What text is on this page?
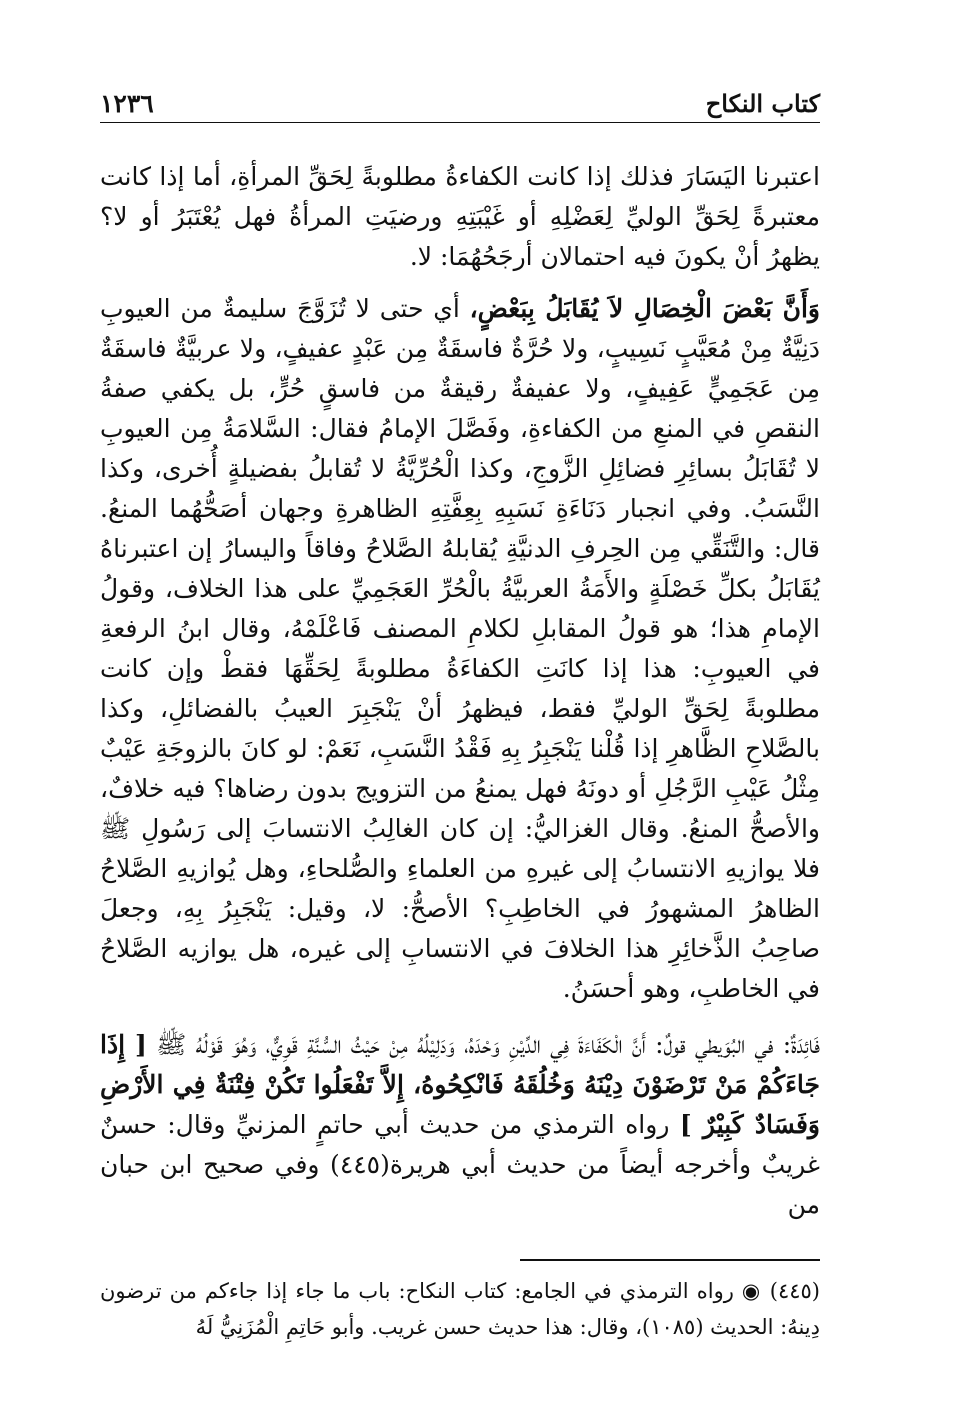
كتاب النكاح
١٢٣٦

اعتبرنا اليَسَارَ فذلك إذا كانت الكفاءةُ مطلوبةً لِحَقِّ المرأةِ، أما إذا كانت معتبرةً لِحَقِّ الوليِّ لِعَضْلِهِ أو غَيْبَتِهِ ورضيَتِ المرأةُ فهل يُعْتَبَرُ أو لا؟ يظهرُ أنْ يكونَ فيه احتمالان أرجَحُهُمَا: لا.

وَأَنَّ بَعْضَ الْخِصَالِ لاَ يُقَابَلُ بِبَعْضٍ، أي حتى لا تُزَوَّجَ سليمةٌ من العيوبِ دَنِيَّةٌ مِنْ مُعَيَّبٍ نَسِيبٍ، ولا حُرَّةٌ فاسقَةٌ مِن عَبْدٍ عفيفٍ، ولا عربيَّةٌ فاسقَةٌ مِن عَجَمِيٍّ عَفِيفٍ، ولا عفيفةٌ رقيقةٌ من فاسقٍ حُرٍّ، بل يكفي صفةُ النقصِ في المنعِ من الكفاءةِ، وفَصَّلَ الإمامُ فقال: السَّلامَةُ مِن العيوبِ لا تُقَابَلُ بسائِرِ فضائِلِ الزَّوجِ، وكذا الْحُرِّيَّةُ لا تُقابلُ بفضيلةٍ أُخرى، وكذا النَّسَبُ. وفي انجبار دَنَاءَةِ نَسَبِهِ بِعِفَّتِهِ الظاهرةِ وجهان أصَحُّهُما المنعُ. قال: والتَّنَقِّي مِن الحِرفِ الدنيَّةِ يُقابلهُ الصَّلاحُ وفاقاً واليسارُ إن اعتبرناهُ يُقَابَلُ بكلِّ خَصْلَةٍ والأَمَةُ العربيَّةُ بالْحُرِّ العَجَمِيِّ على هذا الخلاف، وقولُ الإمامِ هذا؛ هو قولُ المقابلِ لكلامِ المصنف فَاعْلَمْهُ، وقال ابنُ الرفعةِ في العيوبِ: هذا إذا كانَتِ الكفاءَةُ مطلوبةً لِحَقِّهَا فقطْ وإن كانت مطلوبةً لِحَقِّ الوليِّ فقط، فيظهرُ أنْ يَنْجَبِرَ العيبُ بالفضائلِ، وكذا بالصَّلاحِ الظَّاهرِ إذا قُلْنا يَنْجَبِرُ بِهِ فَقْدُ النَّسَبِ، نَعَمْ: لو كانَ بالزوجَةِ عَيْبٌ مِثْلُ عَيْبِ الرَّجُلِ أو دونَهُ فهل يمنعُ من التزويج بدون رضاها؟ فيه خلافٌ، والأصحُّ المنعُ. وقال الغزاليُّ: إن كان الغالِبُ الانتسابَ إلى رَسُولِ ﷺ فلا يوازيهِ الانتسابُ إلى غيرهِ من العلماءِ والصُّلحاءِ، وهل يُوازيهِ الصَّلاحُ الظاهرُ المشهورُ في الخاطِبِ؟ الأصحُّ: لا، وقيل: يَنْجَبِرُ بِهِ، وجعلَ صاحِبُ الذَّخائِرِ هذا الخلافَ في الانتسابِ إلى غيره، هل يوازيه الصَّلاحُ في الخاطبِ، وهو أحسَنُ.

فَائِدَةٌ: في البُوَيطي قولٌ: أَنَّ الْكَفَاءَةَ فِي الدِّيْنِ وَحْدَهُ، وَدَلِيْلُهُ مِنْ حَيْثُ السُّنَّةِ قَوِيٌّ، وَهُوَ قَوْلُهُ ﷺ [ إِذَا جَاءَكُمْ مَنْ تَرْضَوْنَ دِيْنَهُ وَخُلُقَهُ فَانْكِحُوهُ، إِلاَّ تَفْعَلُوا تَكُنْ فِتْنَةٌ فِي الأَرْضِ وَفَسَادٌ كَبِيْرٌ ] رواه الترمذي من حديث أبي حاتمٍ المزنيِّ وقال: حسنٌ غريبٌ وأخرجه أيضاً من حديث أبي هريرة(٤٤٥) وفي صحيح ابن حبان من

(٤٤٥) ◉ رواه الترمذي في الجامع: كتاب النكاح: باب ما جاء إذا جاءكم من ترضون دِينهُ: الحديث (١٠٨٥)، وقال: هذا حديث حسن غريب. وأبو حَاتِمِ الْمُزَنِيُّ لَهُ
